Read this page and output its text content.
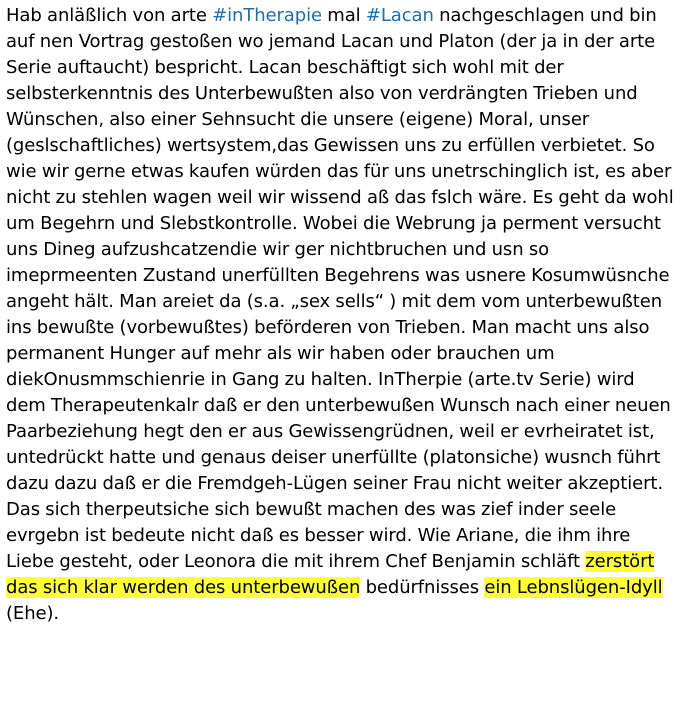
Hab anläßlich von arte #inTherapie mal #Lacan nachgeschlagen und bin auf nen Vortrag gestoßen wo jemand Lacan und Platon (der ja in der arte Serie auftaucht) bespricht. Lacan beschäftigt sich wohl mit der selbsterkenntnis des Unterbewußten also von verdrängten Trieben und Wünschen, also einer Sehnsucht die unsere (eigene) Moral, unser (geslschaftliches) wertsystem,das Gewissen uns zu erfüllen verbietet. So wie wir gerne etwas kaufen würden das für uns unetrschinglich ist, es aber nicht zu stehlen wagen weil wir wissend aß das fslch wäre. Es geht da wohl um Begehrn und Slebstkontrolle. Wobei die Webrung ja perment versucht uns Dineg aufzushcatzendie wir ger nichtbruchen und usn so imeprmeenten Zustand unerfüllten Begehrens was usnere Kosumwüsnche angeht hält. Man areiet da (s.a. „sex sells“ ) mit dem vom unterbewußten ins bewußte (vorbewußtes) beförderen von Trieben. Man macht uns also permanent Hunger auf mehr als wir haben oder brauchen um diekOnusmmschienrie in Gang zu halten. InTherpie (arte.tv Serie) wird dem Therapeutenkalr daß er den unterbewußen Wunsch nach einer neuen Paarbeziehung hegt den er aus Gewissengrüdnen, weil er evrheiratet ist, untedrückt hatte und genaus deiser unerfüllte (platonsiche) wusnch führt dazu dazu daß er die Fremdgeh-Lügen seiner Frau nicht weiter akzeptiert. Das sich therpeutsiche sich bewußt machen des was zief inder seele evrgebn ist bedeute nicht daß es besser wird. Wie Ariane, die ihm ihre Liebe gesteht, oder Leonora die mit ihrem Chef Benjamin schläft zerstört das sich klar werden des unterbewußen bedürfnisses ein Lebnslügen-Idyll (Ehe).
